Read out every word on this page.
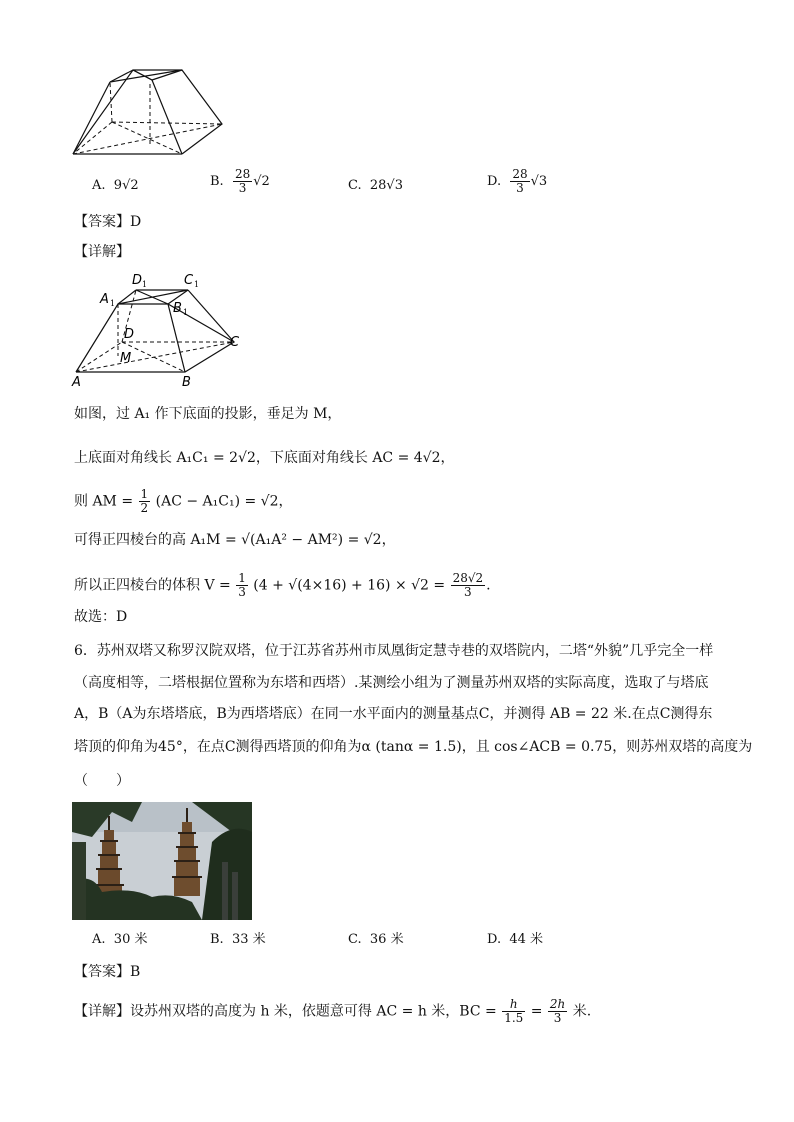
A. 9√2	B. $\frac{28}{3} √2$	C. 28√3	D. $\frac{28}{3} √3$
【答案】D
【详解】
D 1	C 1
A 1	B 1
D
M
C
A	B
如图，过 A₁ 作下底面的投影，垂足为 M，
上底面对角线长 A₁C₁ = 2√2，下底面对角线长 AC = 4√2，
则 AM = $\frac{1}{2} (AC - A_1C_1) = √2$，
可得正四棱台的高 A₁M = √(A₁A² − AM²) = √2，
所以正四棱台的体积 $V = \frac{1}{3} (4 + √(4\times 16) + 16) \times √2 = \frac{28√2}{3}$ .
故选：D
6．苏州双塔又称罗汉院双塔，位于江苏省苏州市凤凰街定慧寺巷的双塔院内，二塔“外貌”几乎完全一样
（高度相等，二塔根据位置称为东塔和西塔）.某测绘小组为了测量苏州双塔的实际高度，选取了与塔底
A，B（A为东塔塔底，B为西塔塔底）在同一水平面内的测量基点C，并测得 AB = 22 米.在点C测得东
塔顶的仰角为45°，在点C测得西塔顶的仰角为α (tanα = 1.5)，且 cos∠ACB = 0.75，则苏州双塔的高度为
（　　）
A. 30 米	B. 33 米	C. 36 米	D. 44 米
【答案】B
【详解】设苏州双塔的高度为 h 米，依题意可得 AC = h 米，BC = $\frac{h}{1.5} = \frac{2h}{3}$ 米.
